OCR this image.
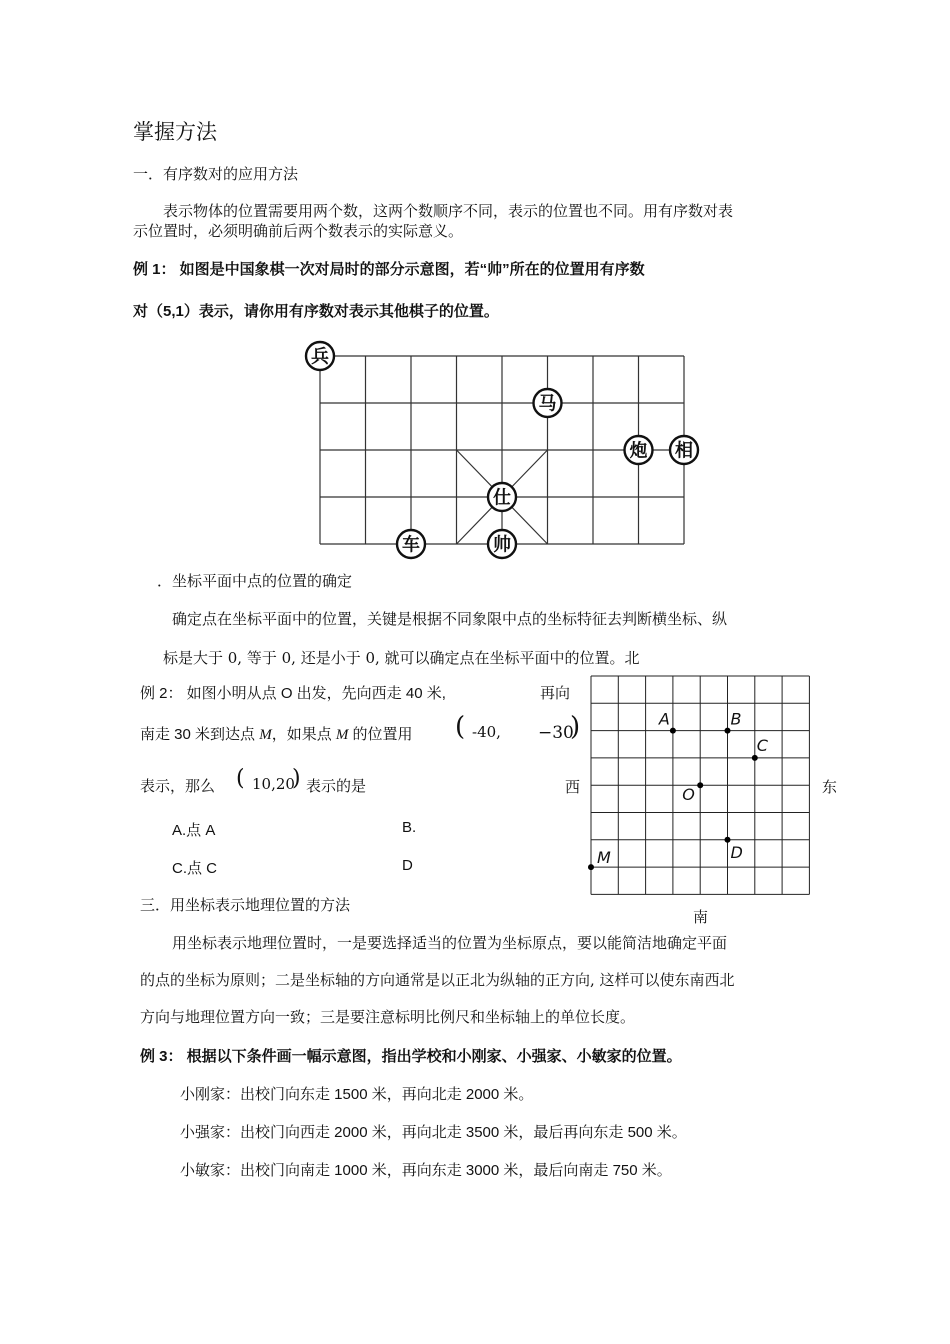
掌握方法
一．有序数对的应用方法
表示物体的位置需要用两个数，这两个数顺序不同，表示的位置也不同。用有序数对表
示位置时，必须明确前后两个数表示的实际意义。
例 1： 如图是中国象棋一次对局时的部分示意图，若“帅”所在的位置用有序数
对（5,1）表示，请你用有序数对表示其他棋子的位置。
兵
马
炮 相
仕
车	帅
．坐标平面中点的位置的确定
确定点在坐标平面中的位置，关键是根据不同象限中点的坐标特征去判断横坐标、纵
标是大于 0, 等于 0, 还是小于 0, 就可以确定点在坐标平面中的位置。北
例 2： 如图小明从点 O 出发，先向西走 40 米,	再向
南走 30 米到达点 M，如果点 M 的位置用 ( -40, −30
)
表示，那么 ( 10,20
) 表示的是
A.点 A	B.
C.点 C	D
西	东
南
A	B
C
O
D
M
三．用坐标表示地理位置的方法
用坐标表示地理位置时，一是要选择适当的位置为坐标原点，要以能简洁地确定平面
的点的坐标为原则；二是坐标轴的方向通常是以正北为纵轴的正方向, 这样可以使东南西北
方向与地理位置方向一致；三是要注意标明比例尺和坐标轴上的单位长度。
例 3： 根据以下条件画一幅示意图，指出学校和小刚家、小强家、小敏家的位置。
小刚家：出校门向东走 1500 米，再向北走 2000 米。
小强家：出校门向西走 2000 米，再向北走 3500 米，最后再向东走 500 米。
小敏家：出校门向南走 1000 米，再向东走 3000 米，最后向南走 750 米。
